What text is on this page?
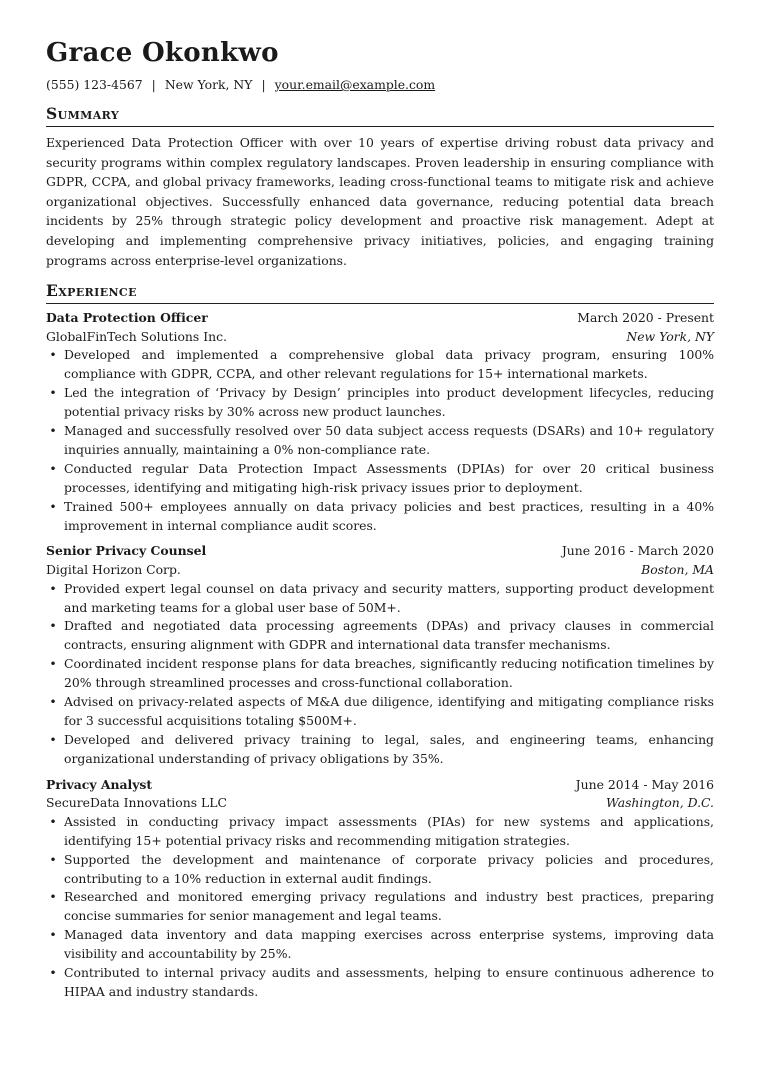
Grace Okonkwo
(555) 123-4567 | New York, NY | your.email@example.com
Summary
Experienced Data Protection Officer with over 10 years of expertise driving robust data privacy and security programs within complex regulatory landscapes. Proven leadership in ensuring compliance with GDPR, CCPA, and global privacy frameworks, leading cross-functional teams to mitigate risk and achieve organizational objectives. Successfully enhanced data governance, reducing potential data breach incidents by 25% through strategic policy development and proactive risk management. Adept at developing and implementing comprehensive privacy initiatives, policies, and engaging training programs across enterprise-level organizations.
Experience
Data Protection Officer	March 2020 - Present
GlobalFinTech Solutions Inc.	New York, NY
• Developed and implemented a comprehensive global data privacy program, ensuring 100% compliance with GDPR, CCPA, and other relevant regulations for 15+ international markets.
• Led the integration of ‘Privacy by Design’ principles into product development lifecycles, reducing potential privacy risks by 30% across new product launches.
• Managed and successfully resolved over 50 data subject access requests (DSARs) and 10+ regulatory inquiries annually, maintaining a 0% non-compliance rate.
• Conducted regular Data Protection Impact Assessments (DPIAs) for over 20 critical business processes, identifying and mitigating high-risk privacy issues prior to deployment.
• Trained 500+ employees annually on data privacy policies and best practices, resulting in a 40% improvement in internal compliance audit scores.
Senior Privacy Counsel	June 2016 - March 2020
Digital Horizon Corp.	Boston, MA
• Provided expert legal counsel on data privacy and security matters, supporting product development and marketing teams for a global user base of 50M+.
• Drafted and negotiated data processing agreements (DPAs) and privacy clauses in commercial contracts, ensuring alignment with GDPR and international data transfer mechanisms.
• Coordinated incident response plans for data breaches, significantly reducing notification timelines by 20% through streamlined processes and cross-functional collaboration.
• Advised on privacy-related aspects of M&A due diligence, identifying and mitigating compliance risks for 3 successful acquisitions totaling $500M+.
• Developed and delivered privacy training to legal, sales, and engineering teams, enhancing organizational understanding of privacy obligations by 35%.
Privacy Analyst	June 2014 - May 2016
SecureData Innovations LLC	Washington, D.C.
• Assisted in conducting privacy impact assessments (PIAs) for new systems and applications, identifying 15+ potential privacy risks and recommending mitigation strategies.
• Supported the development and maintenance of corporate privacy policies and procedures, contributing to a 10% reduction in external audit findings.
• Researched and monitored emerging privacy regulations and industry best practices, preparing concise summaries for senior management and legal teams.
• Managed data inventory and data mapping exercises across enterprise systems, improving data visibility and accountability by 25%.
• Contributed to internal privacy audits and assessments, helping to ensure continuous adherence to HIPAA and industry standards.
